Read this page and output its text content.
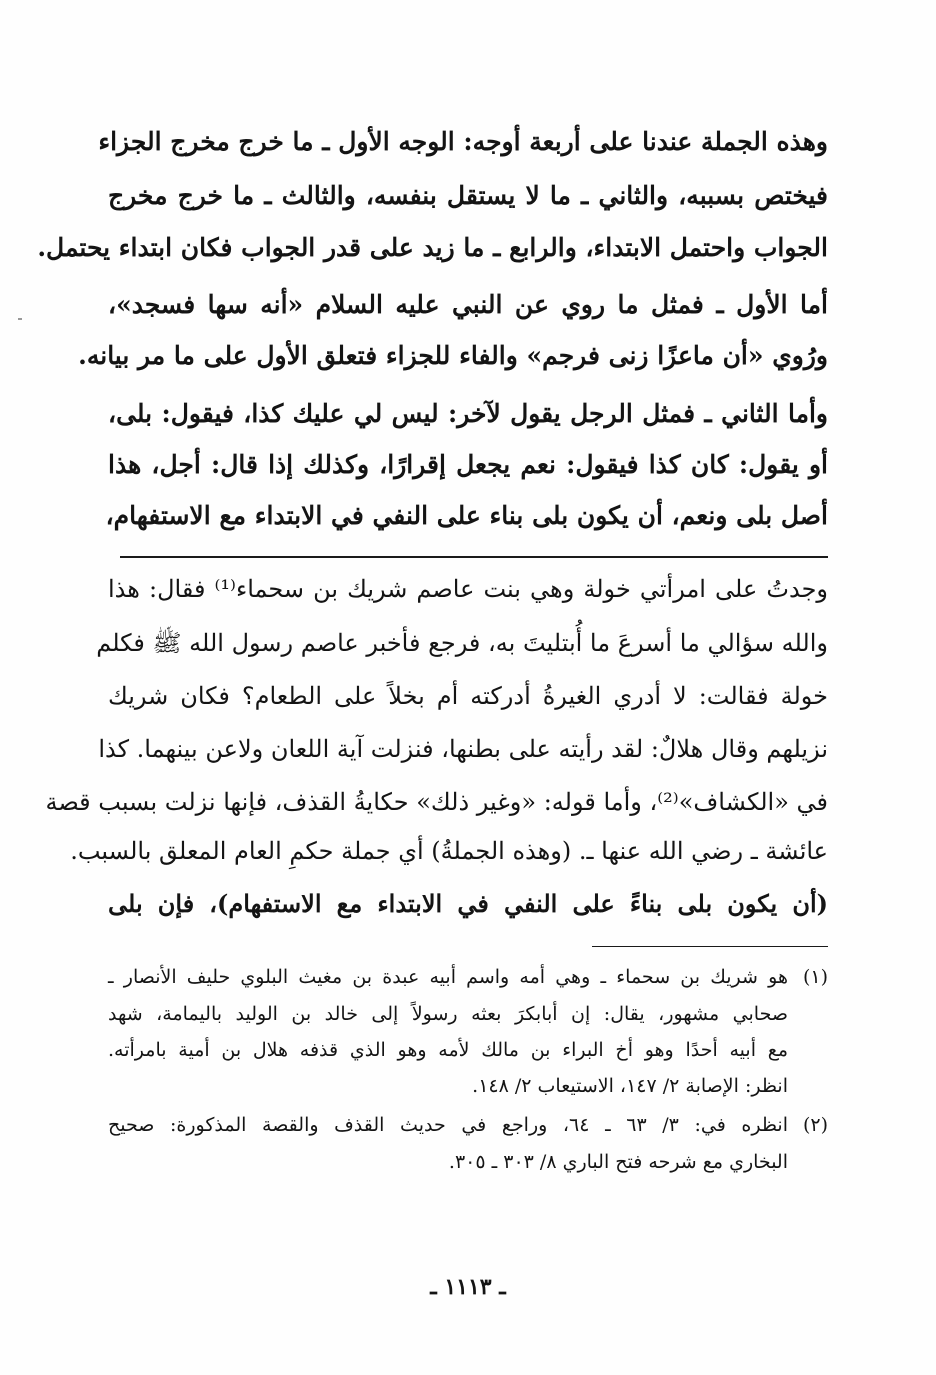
وهذه الجملة عندنا على أربعة أوجه: الوجه الأول ـ ما خرج مخرج الجزاء
فيختص بسببه، والثاني ـ ما لا يستقل بنفسه، والثالث ـ ما خرج مخرج
الجواب واحتمل الابتداء، والرابع ـ ما زيد على قدر الجواب فكان ابتداء يحتمل.
أما الأول ـ فمثل ما روي عن النبي عليه السلام «أنه سها فسجد»،
ورُوي «أن ماعزًا زنى فرجم» والفاء للجزاء فتعلق الأول على ما مر بيانه.
وأما الثاني ـ فمثل الرجل يقول لآخر: ليس لي عليك كذا، فيقول: بلى،
أو يقول: كان كذا فيقول: نعم يجعل إقرارًا، وكذلك إذا قال: أجل، هذا
أصل بلى ونعم، أن يكون بلى بناء على النفي في الابتداء مع الاستفهام،
وجدتُ على امرأتي خولة وهي بنت عاصم شريك بن سحماء⁽¹⁾ فقال: هذا
والله سؤالي ما أسرعَ ما أُبتليتَ به، فرجع فأخبر عاصم رسول الله ﷺ فكلم
خولة فقالت: لا أدري الغيرةُ أدركته أم بخلاً على الطعام؟ فكان شريك
نزيلهم وقال هلالٌ: لقد رأيته على بطنها، فنزلت آية اللعان ولاعن بينهما. كذا
في «الكشاف»⁽²⁾، وأما قوله: «وغير ذلك» حكايةُ القذف، فإنها نزلت بسبب قصة
عائشة ـ رضي الله عنها ـ. (وهذه الجملةُ) أي جملة حكمِ العام المعلق بالسبب.
(أن يكون بلى بناءً على النفي في الابتداء مع الاستفهام)، فإن بلى
(١)
هو شريك بن سحماء ـ وهي أمه واسم أبيه عبدة بن مغيث البلوي حليف الأنصار ـ
صحابي مشهور، يقال: إن أبابكرَ بعثه رسولاً إلى خالد بن الوليد باليمامة، شهد
مع أبيه أحدًا وهو أخ البراء بن مالك لأمه وهو الذي قذفه هلال بن أمية بامرأته.
انظر: الإصابة ٢/ ١٤٧، الاستيعاب ٢/ ١٤٨.
(٢)
انظره في: ٣/ ٦٣ ـ ٦٤، وراجع في حديث القذف والقصة المذكورة: صحيح
البخاري مع شرحه فتح الباري ٨/ ٣٠٣ ـ ٣٠٥.
ـ ١١١٣ ـ
